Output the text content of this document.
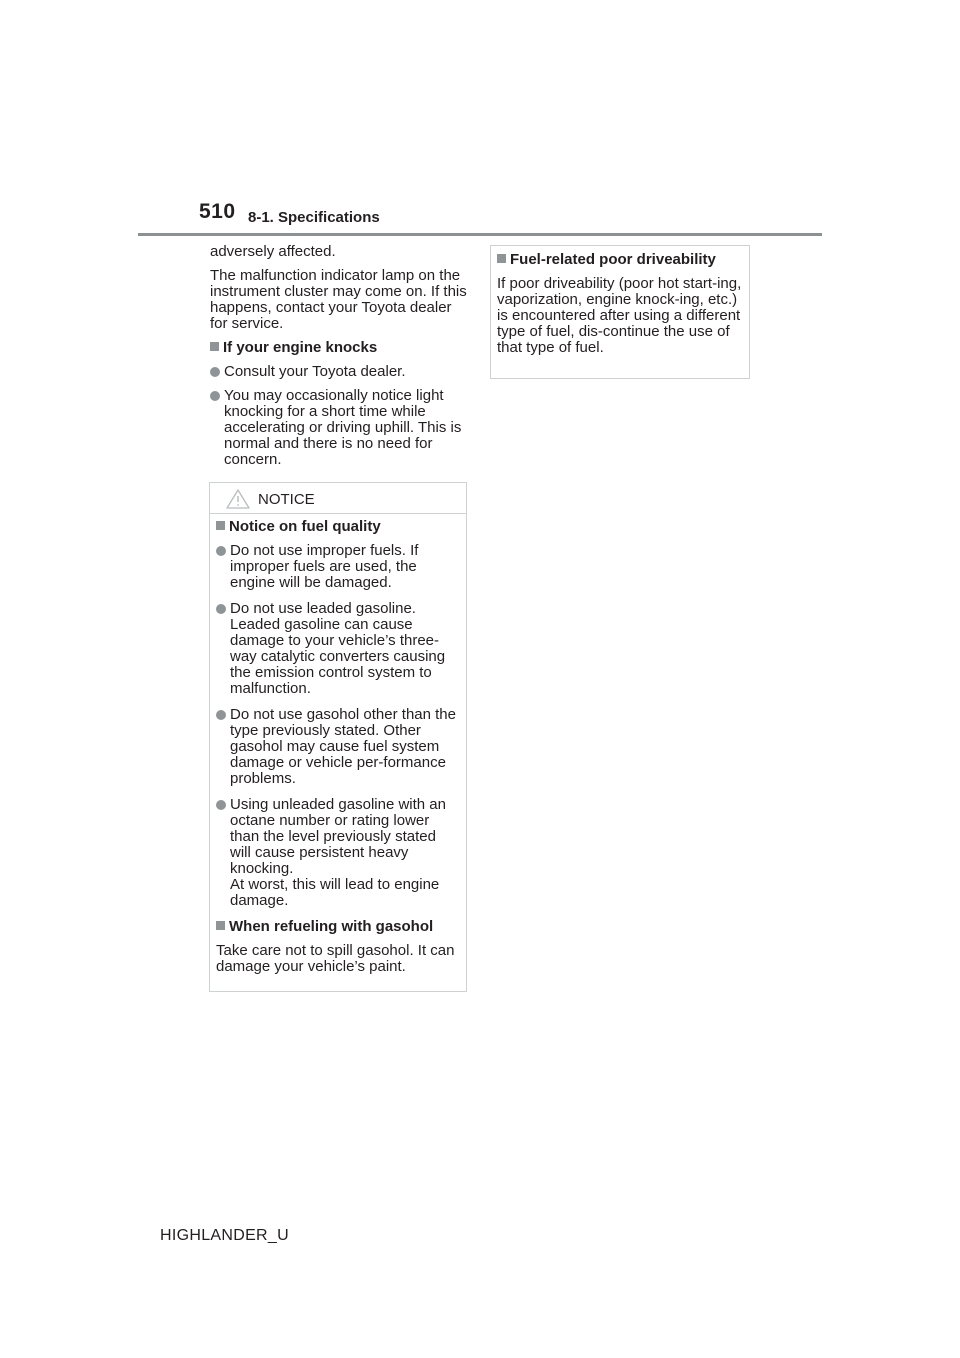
510 8-1. Specifications

adversely affected.

The malfunction indicator lamp on the instrument cluster may come on. If this happens, contact your Toyota dealer for service.

If your engine knocks
Consult your Toyota dealer.
You may occasionally notice light knocking for a short time while accelerating or driving uphill. This is normal and there is no need for concern.
NOTICE
Notice on fuel quality
Do not use improper fuels. If improper fuels are used, the engine will be damaged.
Do not use leaded gasoline. Leaded gasoline can cause damage to your vehicle’s three-way catalytic converters causing the emission control system to malfunction.
Do not use gasohol other than the type previously stated. Other gasohol may cause fuel system damage or vehicle per-formance problems.
Using unleaded gasoline with an octane number or rating lower than the level previously stated will cause persistent heavy knocking.
At worst, this will lead to engine damage.
When refueling with gasohol

Take care not to spill gasohol. It can damage your vehicle’s paint.

Fuel-related poor driveability

If poor driveability (poor hot start-ing, vaporization, engine knock-ing, etc.) is encountered after using a different type of fuel, dis-continue the use of that type of fuel.

HIGHLANDER_U
